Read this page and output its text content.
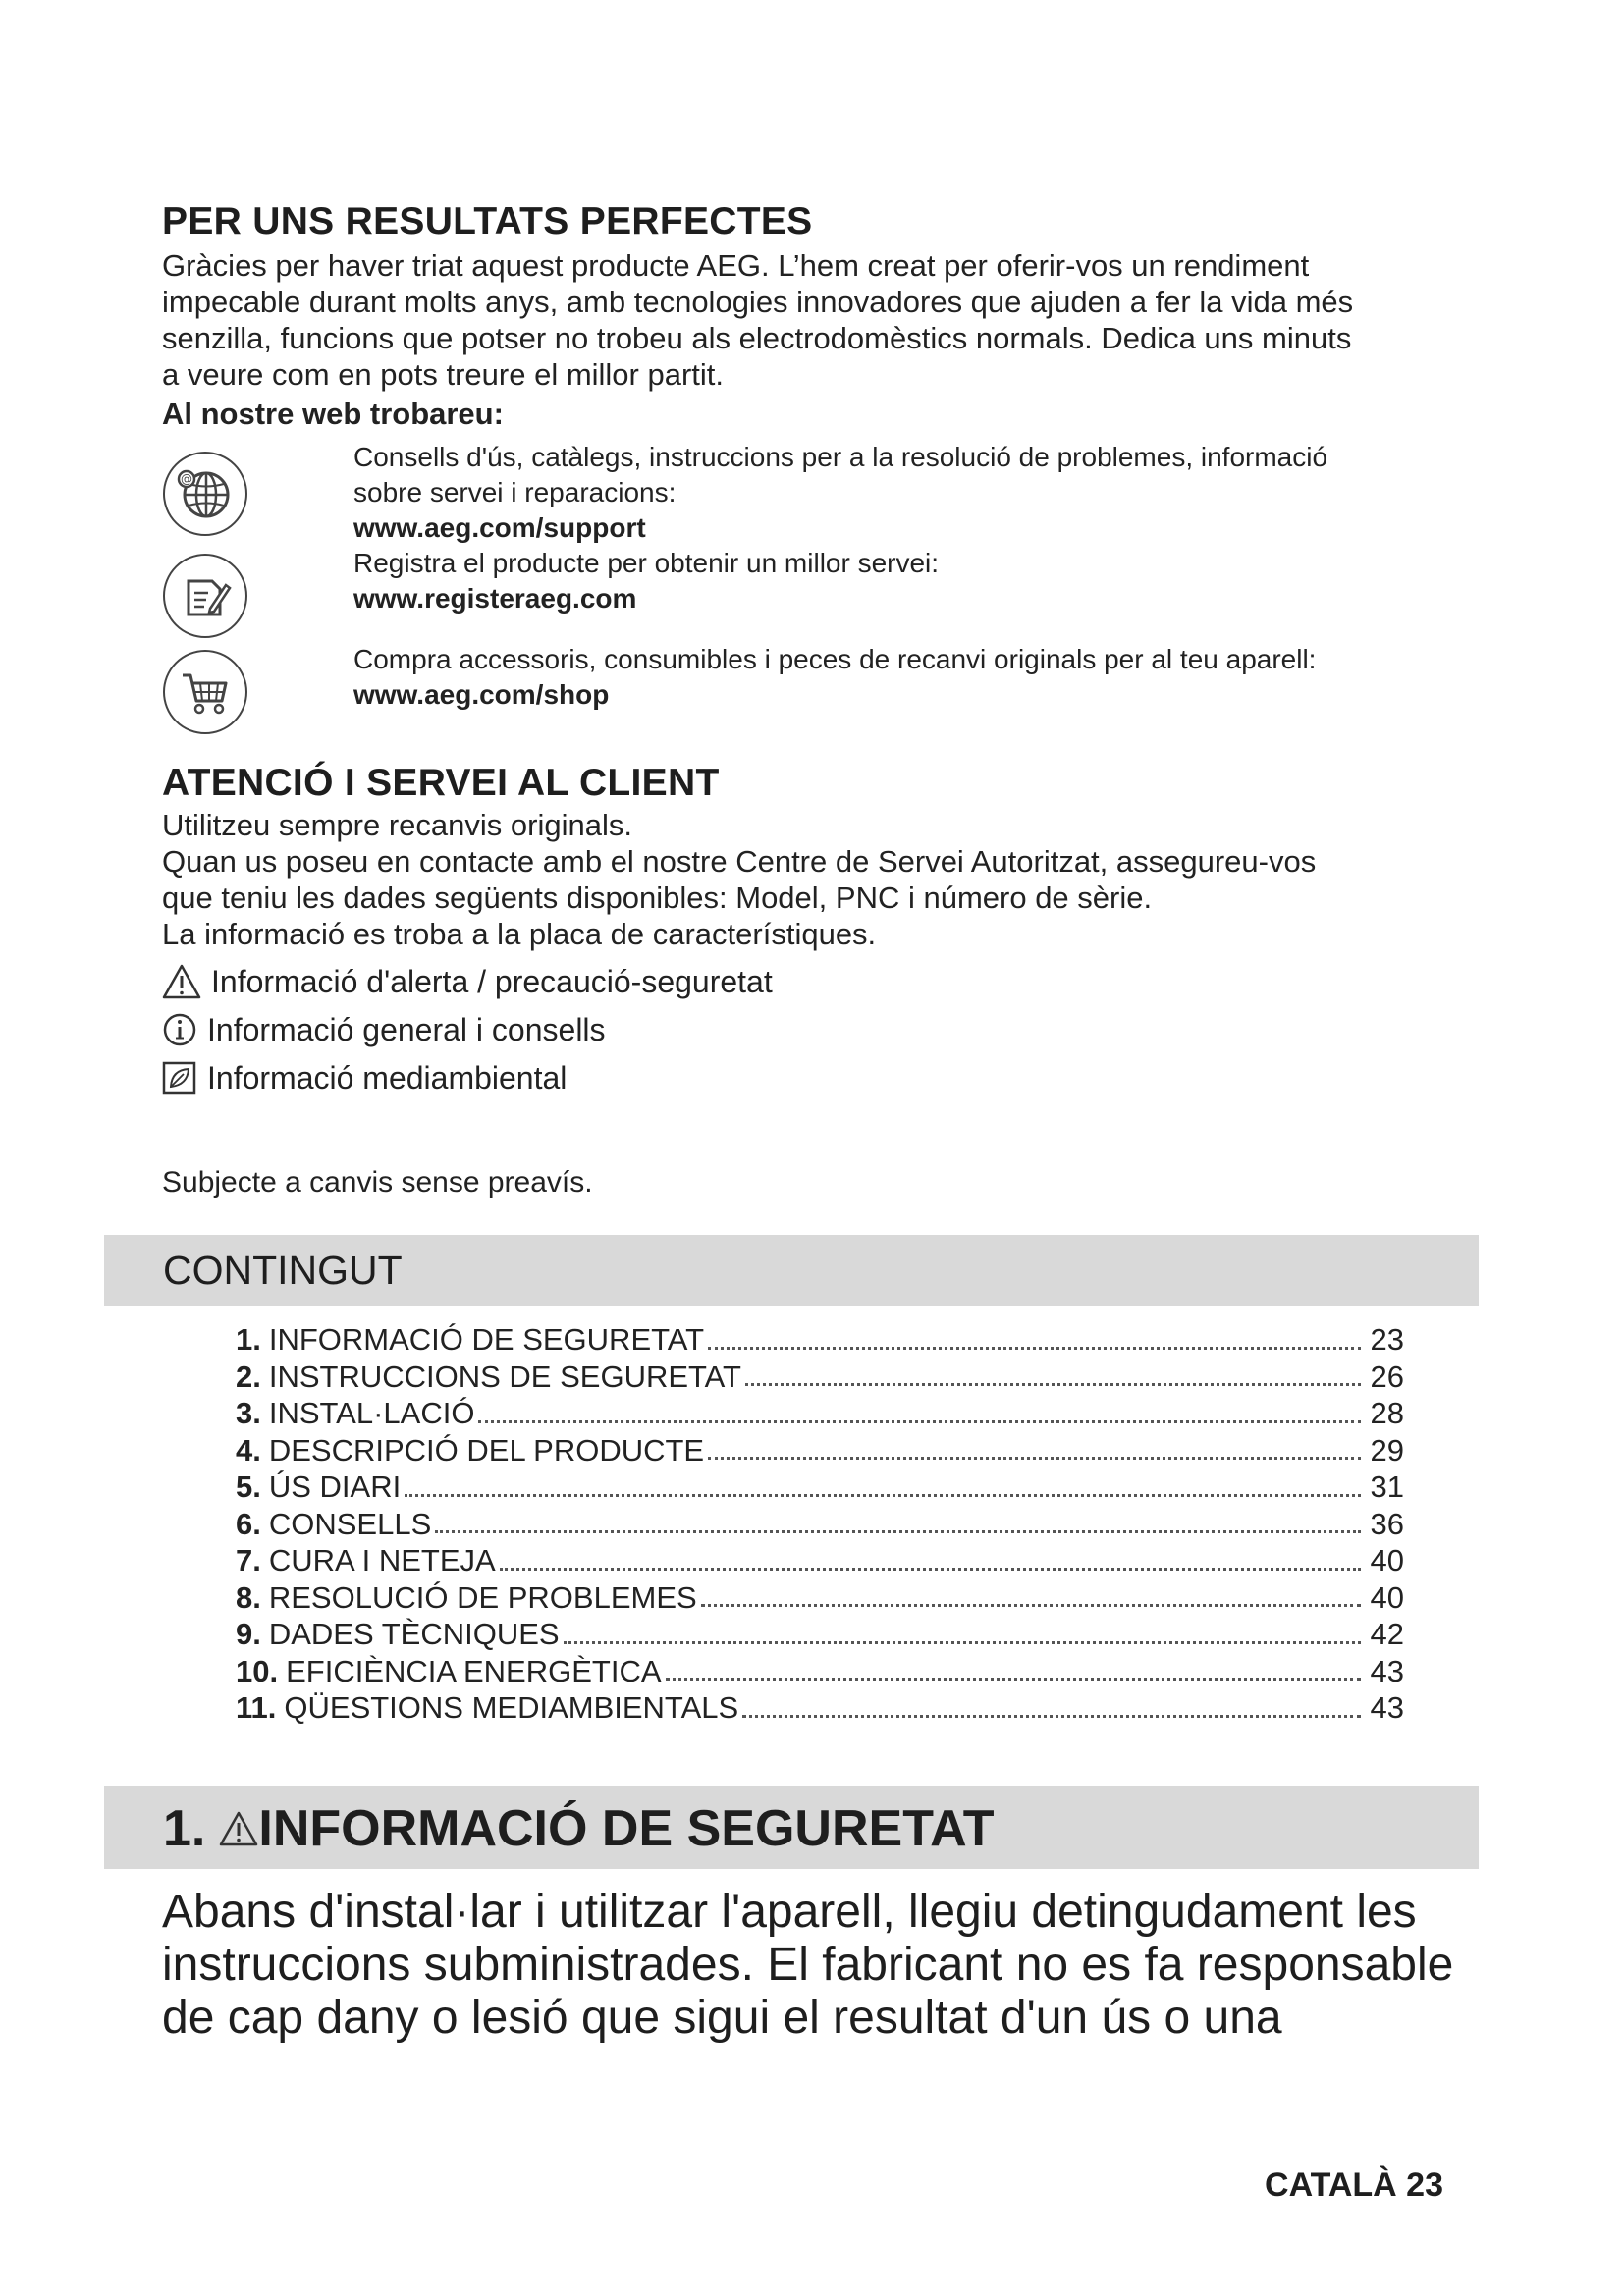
PER UNS RESULTATS PERFECTES
Gràcies per haver triat aquest producte AEG. L’hem creat per oferir-vos un rendiment
impecable durant molts anys, amb tecnologies innovadores que ajuden a fer la vida més
senzilla, funcions que potser no trobeu als electrodomèstics normals. Dedica uns minuts
a veure com en pots treure el millor partit.
Al nostre web trobareu:
@
Consells d'ús, catàlegs, instruccions per a la resolució de problemes, informació
sobre servei i reparacions:
www.aeg.com/support
Registra el producte per obtenir un millor servei:
www.registeraeg.com
Compra accessoris, consumibles i peces de recanvi originals per al teu aparell:
www.aeg.com/shop
ATENCIÓ I SERVEI AL CLIENT
Utilitzeu sempre recanvis originals.
Quan us poseu en contacte amb el nostre Centre de Servei Autoritzat, assegureu-vos
que teniu les dades següents disponibles: Model, PNC i número de sèrie.
La informació es troba a la placa de característiques.
Informació d'alerta / precaució-seguretat
Informació general i consells
Informació mediambiental
Subjecte a canvis sense preavís.
CONTINGUT
1. INFORMACIÓ DE SEGURETAT	23
2. INSTRUCCIONS DE SEGURETAT	26
3. INSTAL·LACIÓ	28
4. DESCRIPCIÓ DEL PRODUCTE	29
5. ÚS DIARI	31
6. CONSELLS	36
7. CURA I NETEJA	40
8. RESOLUCIÓ DE PROBLEMES	40
9. DADES TÈCNIQUES	42
10. EFICIÈNCIA ENERGÈTICA	43
11. QÜESTIONS MEDIAMBIENTALS	43
1. INFORMACIÓ DE SEGURETAT
Abans d'instal·lar i utilitzar l'aparell, llegiu detingudament les
instruccions subministrades. El fabricant no es fa responsable
de cap dany o lesió que sigui el resultat d'un ús o una
CATALÀ 23
